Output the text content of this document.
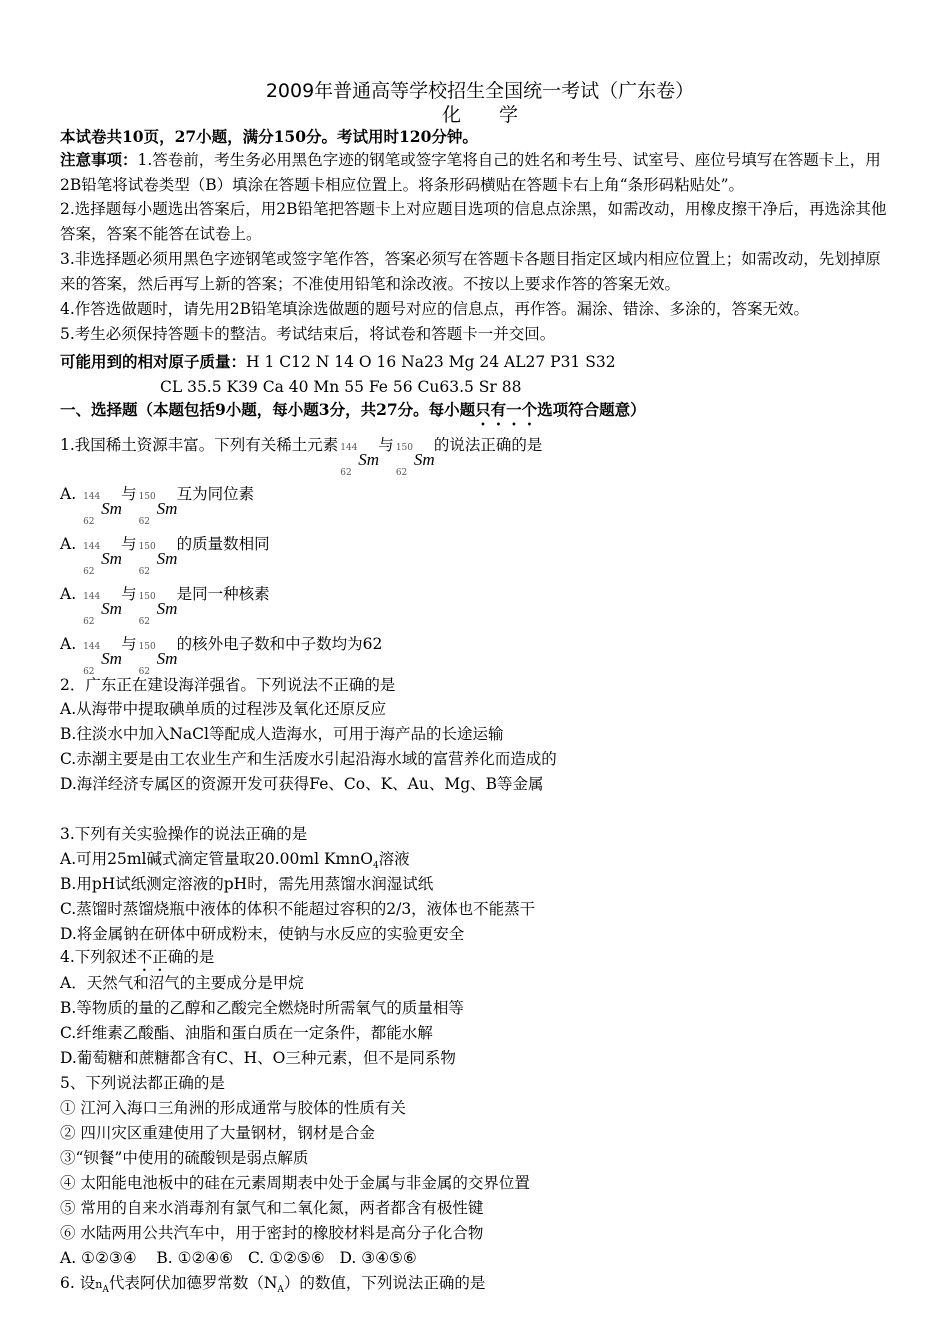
2009年普通高等学校招生全国统一考试（广东卷）
化　　学
本试卷共10页，27小题，满分150分。考试用时120分钟。
注意事项：1.答卷前，考生务必用黑色字迹的钢笔或签字笔将自己的姓名和考生号、试室号、座位号填写在答题卡上，用2B铅笔将试卷类型（B）填涂在答题卡相应位置上。将条形码横贴在答题卡右上角“条形码粘贴处”。
2.选择题每小题选出答案后，用2B铅笔把答题卡上对应题目选项的信息点涂黑，如需改动，用橡皮擦干净后，再选涂其他答案，答案不能答在试卷上。
3.非选择题必须用黑色字迹钢笔或签字笔作答，答案必须写在答题卡各题目指定区域内相应位置上；如需改动，先划掉原来的答案，然后再写上新的答案；不准使用铅笔和涂改液。不按以上要求作答的答案无效。
4.作答选做题时，请先用2B铅笔填涂选做题的题号对应的信息点，再作答。漏涂、错涂、多涂的，答案无效。
5.考生必须保持答题卡的整洁。考试结束后，将试卷和答题卡一并交回。
可能用到的相对原子质量：H 1 C12 N 14 O 16 Na23 Mg 24 AL27 P31 S32
CL 35.5 K39 Ca 40 Mn 55 Fe 56 Cu63.5 Sr 88
一、选择题（本题包括9小题，每小题3分，共27分。每小题只有一个选项符合题意）
1.我国稀土资源丰富。下列有关稀土元素 144
62
Sm
与 150
62
Sm
的说法正确的是
A. 144
62
Sm
与 150
62
Sm
互为同位素
A. 144
62
Sm
与 150
62
Sm
的质量数相同
A. 144
62
Sm
与 150
62
Sm
是同一种核素
A. 144
62
Sm
与 150
62
Sm
的核外电子数和中子数均为62
2．广东正在建设海洋强省。下列说法不正确的是
A.从海带中提取碘单质的过程涉及氧化还原反应
B.往淡水中加入NaCl等配成人造海水，可用于海产品的长途运输
C.赤潮主要是由工农业生产和生活废水引起沿海水域的富营养化而造成的
D.海洋经济专属区的资源开发可获得Fe、Co、K、Au、Mg、B等金属
3.下列有关实验操作的说法正确的是
A.可用25ml碱式滴定管量取20.00ml KmnO$_4$溶液
B.用pH试纸测定溶液的pH时，需先用蒸馏水润湿试纸
C.蒸馏时蒸馏烧瓶中液体的体积不能超过容积的2/3，液体也不能蒸干
D.将金属钠在研体中研成粉末，使钠与水反应的实验更安全
4.下列叙述不正确的是
A．天然气和沼气的主要成分是甲烷
B.等物质的量的乙醇和乙酸完全燃烧时所需氧气的质量相等
C.纤维素乙酸酯、油脂和蛋白质在一定条件，都能水解
D.葡萄糖和蔗糖都含有C、H、O三种元素，但不是同系物
5、下列说法都正确的是
① 江河入海口三角洲的形成通常与胶体的性质有关
② 四川灾区重建使用了大量钢材，钢材是合金
③“钡餐”中使用的硫酸钡是弱点解质
④ 太阳能电池板中的硅在元素周期表中处于金属与非金属的交界位置
⑤ 常用的自来水消毒剂有氯气和二氧化氮，两者都含有极性键
⑥ 水陆两用公共汽车中，用于密封的橡胶材料是高分子化合物
A. ①②③④    B. ①②④⑥   C. ①②⑤⑥   D. ③④⑤⑥
6. 设$n_A$代表阿伏加德罗常数$(N_A)$的数值，下列说法正确的是
